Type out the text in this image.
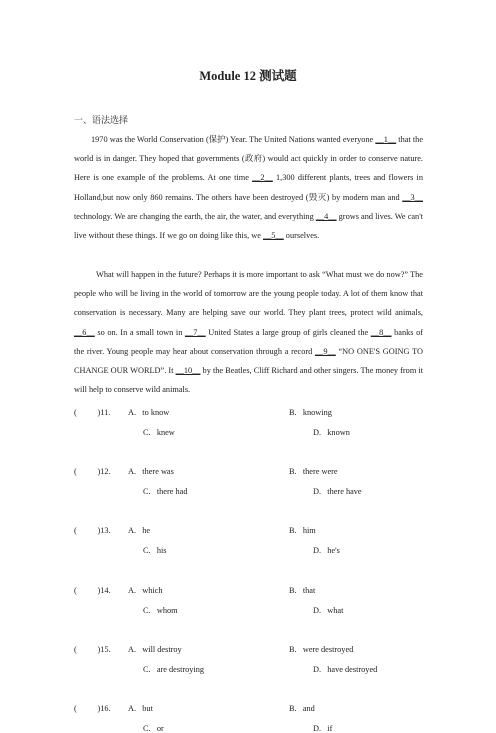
Module 12 测试题
一、语法选择
1970 was the World Conservation (保护) Year. The United Nations wanted everyone __1__ that the world is in danger. They hoped that governments (政府) would act quickly in order to conserve nature. Here is one example of the problems. At one time __2__ 1,300 different plants, trees and flowers in Holland,but now only 860 remains. The others have been destroyed (毁灭) by modern man and __3__ technology. We are changing the earth, the air, the water, and everything __4__ grows and lives. We can't live without these things. If we go on doing like this, we __5__ ourselves.
What will happen in the future? Perhaps it is more important to ask “What must we do now?” The people who will be living in the world of tomorrow are the young people today. A lot of them know that conservation is necessary. Many are helping save our world. They plant trees, protect wild animals, __6__ so on. In a small town in __7__ United States a large group of girls cleaned the __8__ banks of the river. Young people may hear about conservation through a record __9__ “NO ONE'S GOING TO CHANGE OUR WORLD”. It __10__ by the Beatles, Cliff Richard and other singers. The money from it will help to conserve wild animals.
(          )11. A.   to know	B.   knowing
C.   knew	D.   known
(          )12. A.   there was	B.   there were
C.   there had	D.   there have
(          )13. A.   he	B.   him
C.   his	D.   he's
(          )14. A.   which	B.   that
C.   whom	D.   what
(          )15. A.   will destroy	B.   were destroyed
C.   are destroying	D.   have destroyed
(          )16. A.   but	B.   and
C.   or	D.   if
